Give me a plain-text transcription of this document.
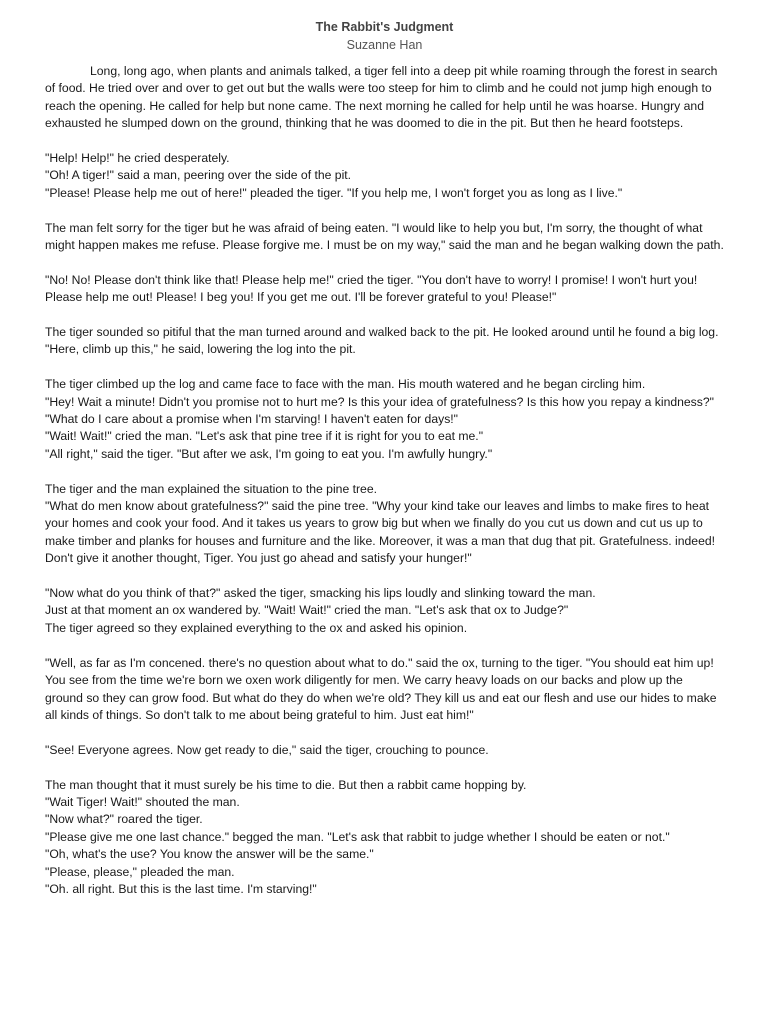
The Rabbit's Judgment
Suzanne Han

Long, long ago, when plants and animals talked, a tiger fell into a deep pit while roaming through the forest in search of food. He tried over and over to get out but the walls were too steep for him to climb and he could not jump high enough to reach the opening. He called for help but none came. The next morning he called for help until he was hoarse. Hungry and exhausted he slumped down on the ground, thinking that he was doomed to die in the pit. But then he heard footsteps.

"Help! Help!" he cried desperately.
"Oh! A tiger!" said a man, peering over the side of the pit.
"Please! Please help me out of here!" pleaded the tiger. "If you help me, I won't forget you as long as I live."

The man felt sorry for the tiger but he was afraid of being eaten. "I would like to help you but, I'm sorry, the thought of what might happen makes me refuse. Please forgive me. I must be on my way," said the man and he began walking down the path.

"No! No! Please don't think like that! Please help me!" cried the tiger. "You don't have to worry! I promise! I won't hurt you! Please help me out! Please! I beg you! If you get me out. I'll be forever grateful to you! Please!"

The tiger sounded so pitiful that the man turned around and walked back to the pit. He looked around until he found a big log. "Here, climb up this," he said, lowering the log into the pit.

The tiger climbed up the log and came face to face with the man. His mouth watered and he began circling him.
"Hey! Wait a minute! Didn't you promise not to hurt me? Is this your idea of gratefulness? Is this how you repay a kindness?"
"What do I care about a promise when I'm starving! I haven't eaten for days!"
"Wait! Wait!" cried the man. "Let's ask that pine tree if it is right for you to eat me."
"All right," said the tiger. "But after we ask, I'm going to eat you. I'm awfully hungry."

The tiger and the man explained the situation to the pine tree.
"What do men know about gratefulness?" said the pine tree. "Why your kind take our leaves and limbs to make fires to heat your homes and cook your food. And it takes us years to grow big but when we finally do you cut us down and cut us up to make timber and planks for houses and furniture and the like. Moreover, it was a man that dug that pit. Gratefulness. indeed! Don't give it another thought, Tiger. You just go ahead and satisfy your hunger!"

"Now what do you think of that?" asked the tiger, smacking his lips loudly and slinking toward the man.
Just at that moment an ox wandered by. "Wait! Wait!" cried the man. "Let's ask that ox to Judge?"
The tiger agreed so they explained everything to the ox and asked his opinion.

"Well, as far as I'm concened. there's no question about what to do." said the ox, turning to the tiger. "You should eat him up! You see from the time we're born we oxen work diligently for men. We carry heavy loads on our backs and plow up the ground so they can grow food. But what do they do when we're old? They kill us and eat our flesh and use our hides to make all kinds of things. So don't talk to me about being grateful to him. Just eat him!"

"See! Everyone agrees. Now get ready to die," said the tiger, crouching to pounce.

The man thought that it must surely be his time to die. But then a rabbit came hopping by.
"Wait Tiger! Wait!" shouted the man.
"Now what?" roared the tiger.
"Please give me one last chance." begged the man. "Let's ask that rabbit to judge whether I should be eaten or not."
"Oh, what's the use? You know the answer will be the same."
"Please, please," pleaded the man.
"Oh. all right. But this is the last time. I'm starving!"
